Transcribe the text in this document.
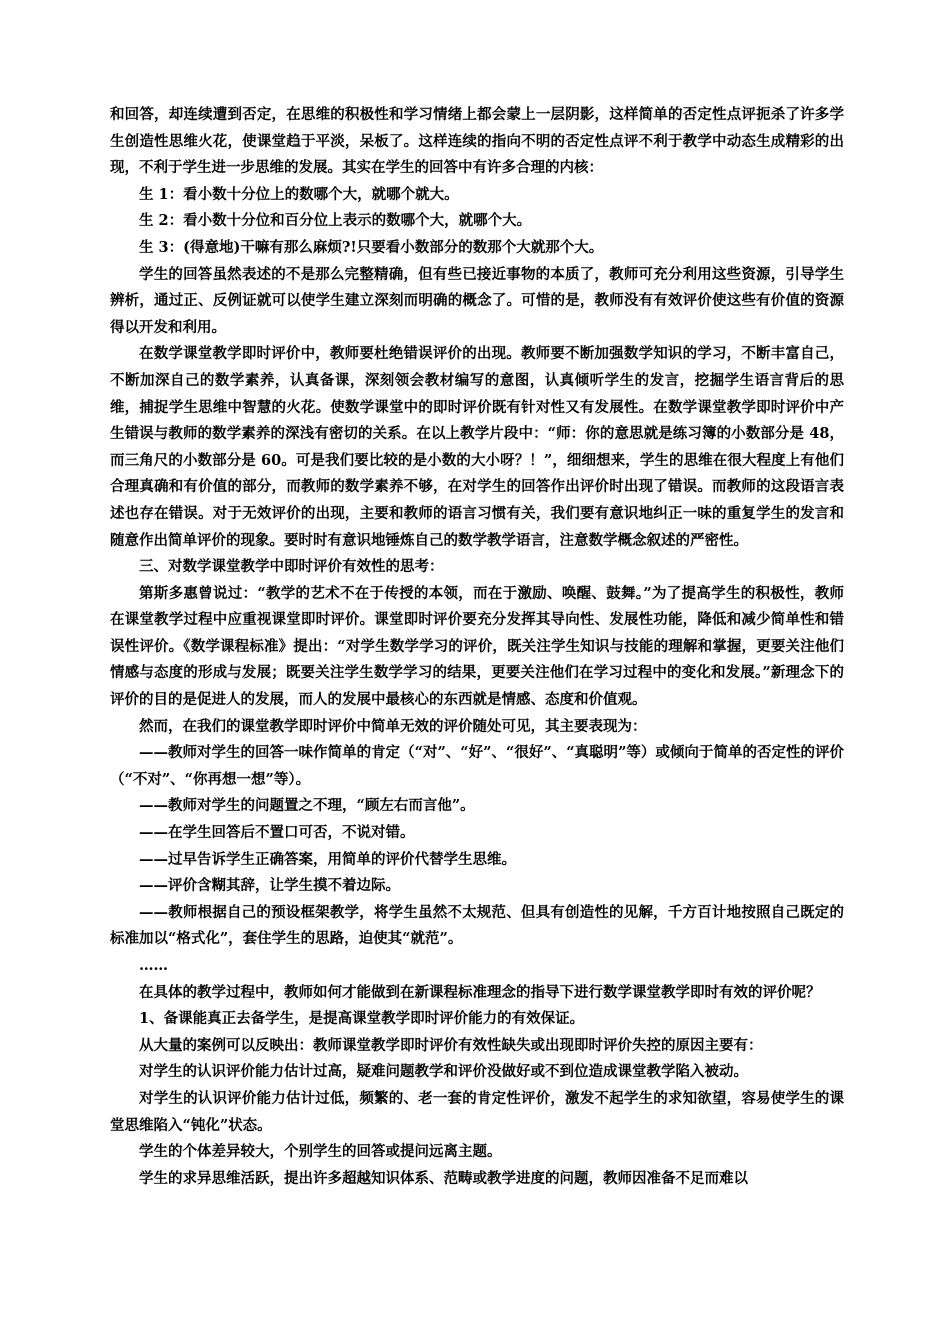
和回答，却连续遭到否定，在思维的积极性和学习情绪上都会蒙上一层阴影，这样简单的否定性点评扼杀了许多学生创造性思维火花，使课堂趋于平淡，呆板了。这样连续的指向不明的否定性点评不利于教学中动态生成精彩的出现，不利于学生进一步思维的发展。其实在学生的回答中有许多合理的内核：

生 1：看小数十分位上的数哪个大，就哪个就大。

生 2：看小数十分位和百分位上表示的数哪个大，就哪个大。

生 3：(得意地)干嘛有那么麻烦?!只要看小数部分的数那个大就那个大。

学生的回答虽然表述的不是那么完整精确，但有些已接近事物的本质了，教师可充分利用这些资源，引导学生辨析，通过正、反例证就可以使学生建立深刻而明确的概念了。可惜的是，教师没有有效评价使这些有价值的资源得以开发和利用。

在数学课堂教学即时评价中，教师要杜绝错误评价的出现。教师要不断加强数学知识的学习，不断丰富自己，不断加深自己的数学素养，认真备课，深刻领会教材编写的意图，认真倾听学生的发言，挖掘学生语言背后的思维，捕捉学生思维中智慧的火花。使数学课堂中的即时评价既有针对性又有发展性。在数学课堂教学即时评价中产生错误与教师的数学素养的深浅有密切的关系。在以上教学片段中：“师：你的意思就是练习簿的小数部分是 48，而三角尺的小数部分是 60。可是我们要比较的是小数的大小呀？！”，细细想来，学生的思维在很大程度上有他们合理真确和有价值的部分，而教师的数学素养不够，在对学生的回答作出评价时出现了错误。而教师的这段语言表述也存在错误。对于无效评价的出现，主要和教师的语言习惯有关，我们要有意识地纠正一味的重复学生的发言和随意作出简单评价的现象。要时时有意识地锤炼自己的数学教学语言，注意数学概念叙述的严密性。

三、对数学课堂教学中即时评价有效性的思考：

第斯多惠曾说过：“教学的艺术不在于传授的本领，而在于激励、唤醒、鼓舞。”为了提高学生的积极性，教师在课堂教学过程中应重视课堂即时评价。课堂即时评价要充分发挥其导向性、发展性功能，降低和减少简单性和错误性评价。《数学课程标准》提出：“对学生数学学习的评价，既关注学生知识与技能的理解和掌握，更要关注他们情感与态度的形成与发展；既要关注学生数学学习的结果，更要关注他们在学习过程中的变化和发展。”新理念下的评价的目的是促进人的发展，而人的发展中最核心的东西就是情感、态度和价值观。

然而，在我们的课堂教学即时评价中简单无效的评价随处可见，其主要表现为：

——教师对学生的回答一味作简单的肯定（“对”、“好”、“很好”、“真聪明”等）或倾向于简单的否定性的评价（“不对”、“你再想一想”等）。

——教师对学生的问题置之不理，“顾左右而言他”。

——在学生回答后不置口可否，不说对错。

——过早告诉学生正确答案，用简单的评价代替学生思维。

——评价含糊其辞，让学生摸不着边际。

——教师根据自己的预设框架教学，将学生虽然不太规范、但具有创造性的见解，千方百计地按照自己既定的标准加以“格式化”，套住学生的思路，迫使其“就范”。

……

在具体的教学过程中，教师如何才能做到在新课程标准理念的指导下进行数学课堂教学即时有效的评价呢？

1、备课能真正去备学生，是提高课堂教学即时评价能力的有效保证。

从大量的案例可以反映出：教师课堂教学即时评价有效性缺失或出现即时评价失控的原因主要有：

对学生的认识评价能力估计过高，疑难问题教学和评价没做好或不到位造成课堂教学陷入被动。

对学生的认识评价能力估计过低，频繁的、老一套的肯定性评价，激发不起学生的求知欲望，容易使学生的课堂思维陷入“钝化”状态。

学生的个体差异较大，个别学生的回答或提问远离主题。

学生的求异思维活跃，提出许多超越知识体系、范畴或教学进度的问题，教师因准备不足而难以
